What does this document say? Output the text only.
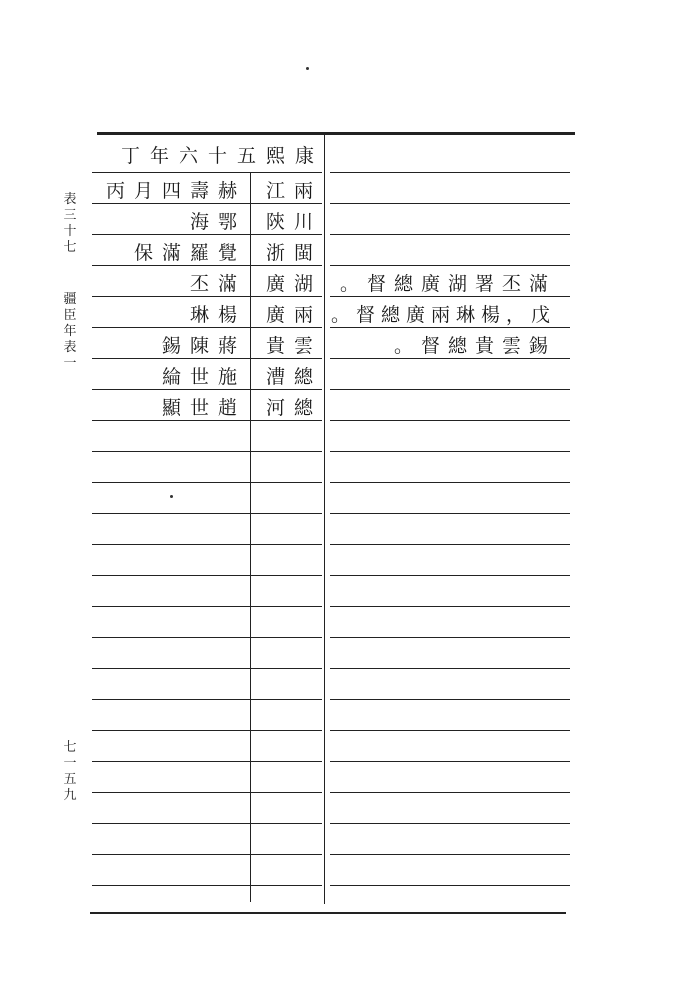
表三十七
疆臣年表一
七一五九
康熙五十六年丁
赫壽四月丙
鄂海
覺羅滿保
滿丕
楊琳
蔣陳錫
施世綸
趙世顯
兩江
川陝
閩浙
湖廣
兩廣
雲貴
總漕
總河
滿丕署湖廣總督。
戊，楊琳兩廣總督。
錫雲貴總督。
